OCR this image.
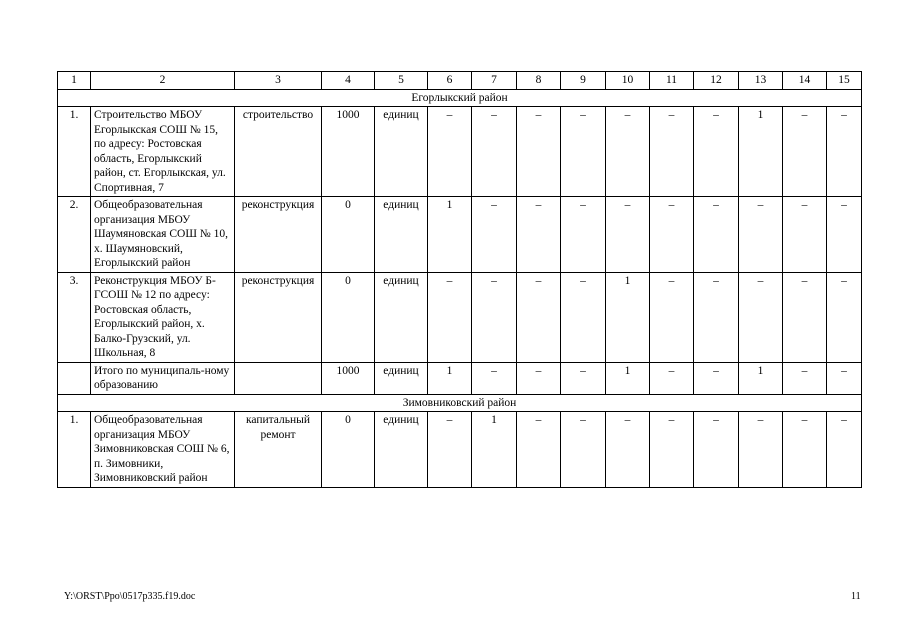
1	2	3	4	5	6	7	8	9	10	11	12	13	14	15
Егорлыкский район														
1.	Строительство МБОУ Егорлыкская СОШ № 15, по адресу: Ростовская область, Егорлыкский район, ст. Егорлыкская, ул. Спортивная, 7	строительство	1000	единиц	–	–	–	–	–	–	–	1	–	–
2.	Общеобразовательная организация МБОУ Шаумяновская СОШ № 10, х. Шаумяновский, Егорлыкский район	реконструкция	0	единиц	1	–	–	–	–	–	–	–	–	–
3.	Реконструкция МБОУ Б-ГСОШ № 12 по адресу: Ростовская область, Егорлыкский район, х. Балко-Грузский, ул. Школьная, 8	реконструкция	0	единиц	–	–	–	–	1	–	–	–	–	–
	Итого по муниципаль-ному образованию		1000	единиц	1	–	–	–	1	–	–	1	–	–
Зимовниковский район														
1.	Общеобразовательная организация МБОУ Зимовниковская СОШ № 6, п. Зимовники, Зимовниковский район	капитальный ремонт	0	единиц	–	1	–	–	–	–	–	–	–	–
Y:\ORST\Ppo\0517p335.f19.doc	11
